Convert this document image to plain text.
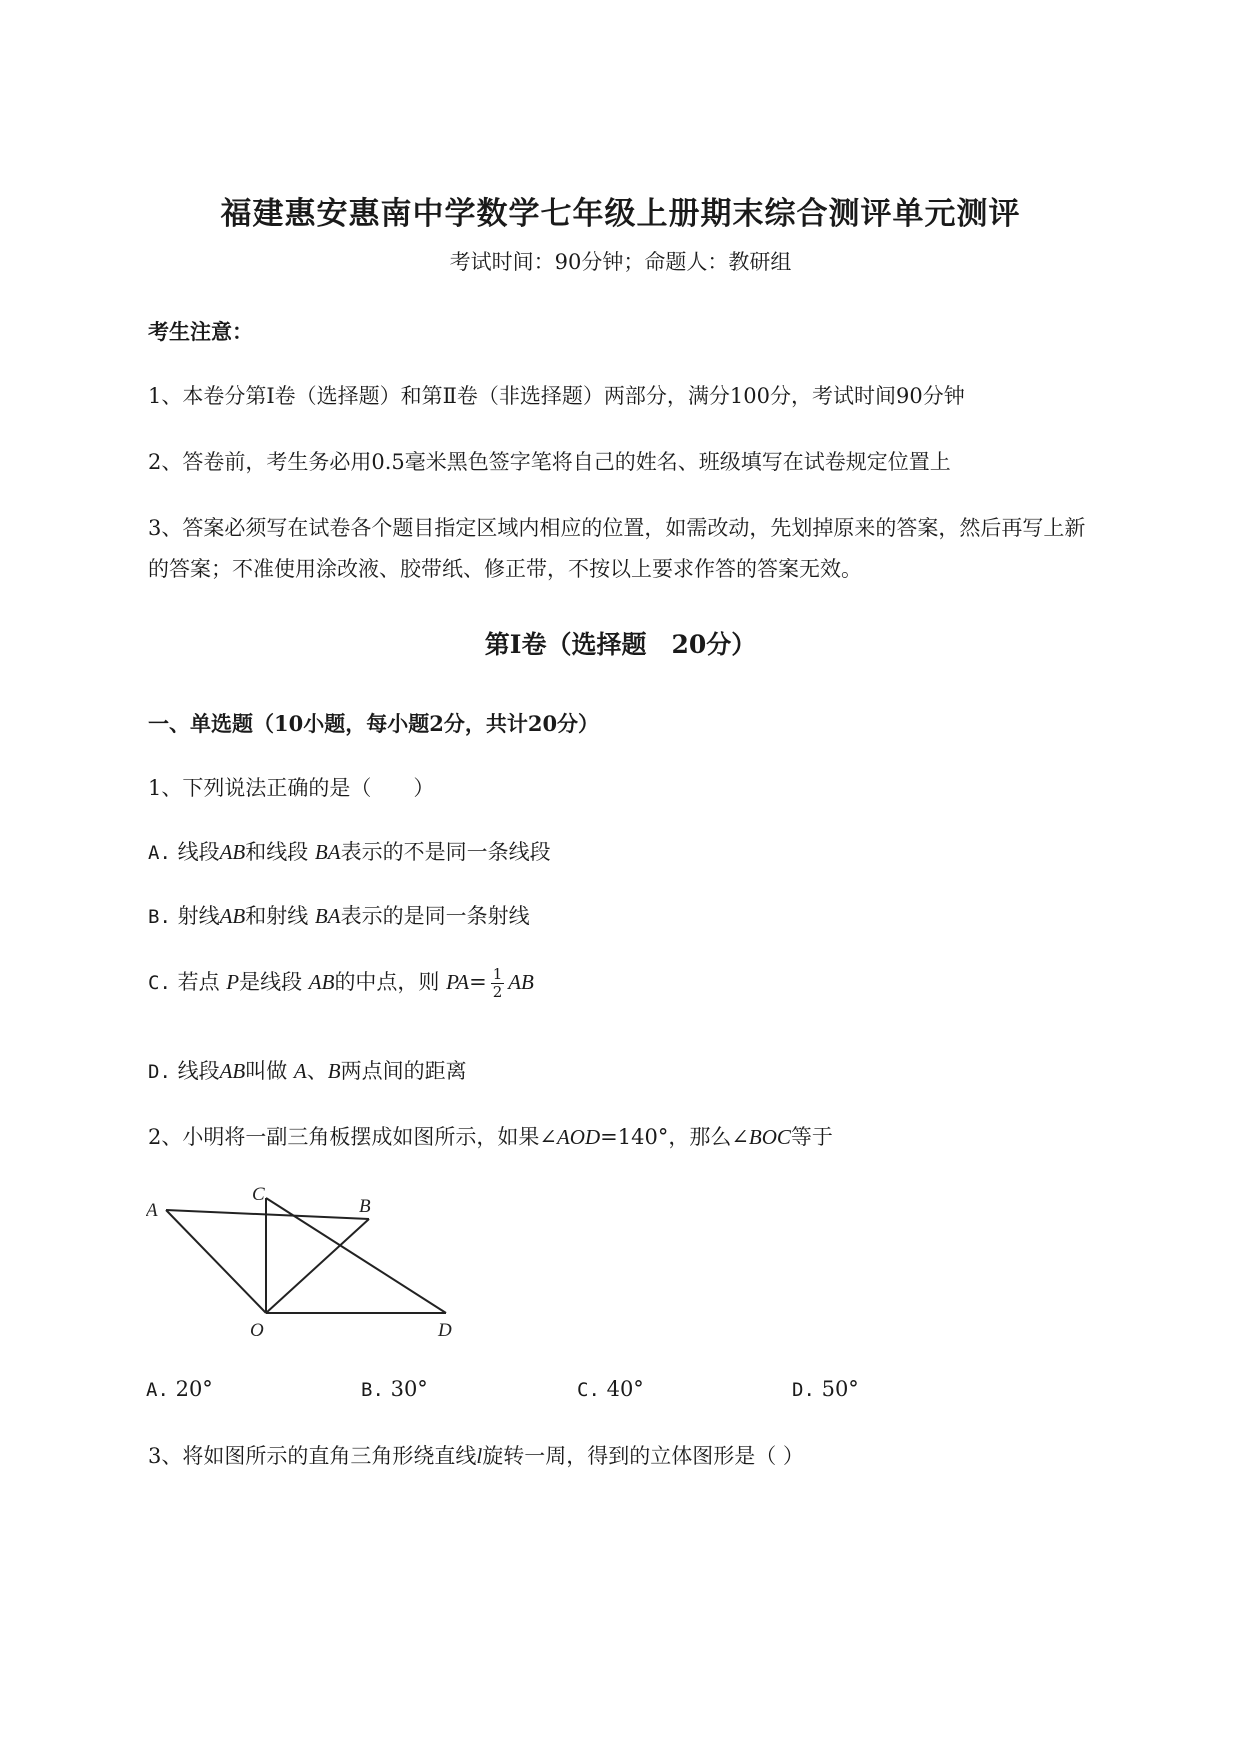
福建惠安惠南中学数学七年级上册期末综合测评单元测评
考试时间：90分钟；命题人：教研组
考生注意：
1、本卷分第I卷（选择题）和第Ⅱ卷（非选择题）两部分，满分100分，考试时间90分钟
2、答卷前，考生务必用0.5毫米黑色签字笔将自己的姓名、班级填写在试卷规定位置上
3、答案必须写在试卷各个题目指定区域内相应的位置，如需改动，先划掉原来的答案，然后再写上新
的答案；不准使用涂改液、胶带纸、修正带，不按以上要求作答的答案无效。
第I卷（选择题　20分）
一、单选题（10小题，每小题2分，共计20分）
1、下列说法正确的是（　　）
A. 线段AB和线段 BA表示的不是同一条线段
B. 射线AB和射线 BA表示的是同一条射线
C. 若点 P是线段 AB的中点，则 $PA= \frac{1}{2}$ AB
D. 线段AB叫做 A、B两点间的距离
2、小明将一副三角板摆成如图所示，如果∠AOD=140°，那么∠BOC等于
A	B
C
O	D
A. 20°	B. 30°	C. 40°	D. 50°
3、将如图所示的直角三角形绕直线l旋转一周，得到的立体图形是（ ）
